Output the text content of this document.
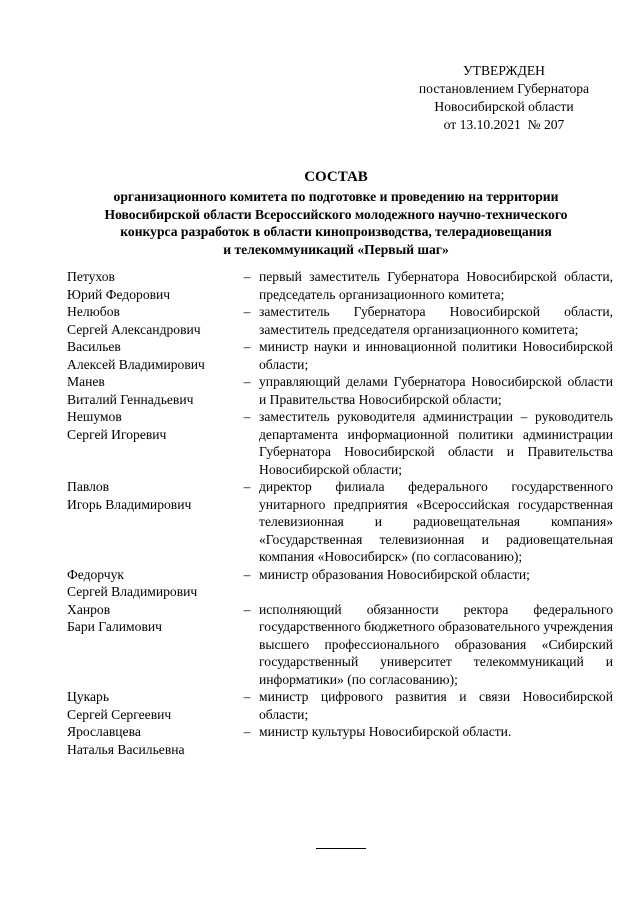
УТВЕРЖДЕН
постановлением Губернатора
Новосибирской области
от 13.10.2021  № 207
СОСТАВ
организационного комитета по подготовке и проведению на территории
Новосибирской области Всероссийского молодежного научно-технического
конкурса разработок в области кинопроизводства, телерадиовещания
и телекоммуникаций «Первый шаг»
Петухов
Юрий Федорович
– первый заместитель Губернатора Новосибирской области, председатель организационного комитета;
Нелюбов
Сергей Александрович
– заместитель Губернатора Новосибирской области, заместитель председателя организационного комитета;
Васильев
Алексей Владимирович
– министр науки и инновационной политики Новосибирской области;
Манев
Виталий Геннадьевич
– управляющий делами Губернатора Новосибирской области и Правительства Новосибирской области;
Нешумов
Сергей Игоревич
– заместитель руководителя администрации – руководитель департамента информационной политики администрации Губернатора Новосибирской области и Правительства Новосибирской области;
Павлов
Игорь Владимирович
– директор филиала федерального государственного унитарного предприятия «Всероссийская государственная телевизионная и радиовещательная компания» «Государственная телевизионная и радиовещательная компания «Новосибирск» (по согласованию);
Федорчук
Сергей Владимирович
– министр образования Новосибирской области;
Ханров
Бари Галимович
– исполняющий обязанности ректора федерального государственного бюджетного образовательного учреждения высшего профессионального образования «Сибирский государственный университет телекоммуникаций и информатики» (по согласованию);
Цукарь
Сергей Сергеевич
– министр цифрового развития и связи Новосибирской области;
Ярославцева
Наталья Васильевна
– министр культуры Новосибирской области.
